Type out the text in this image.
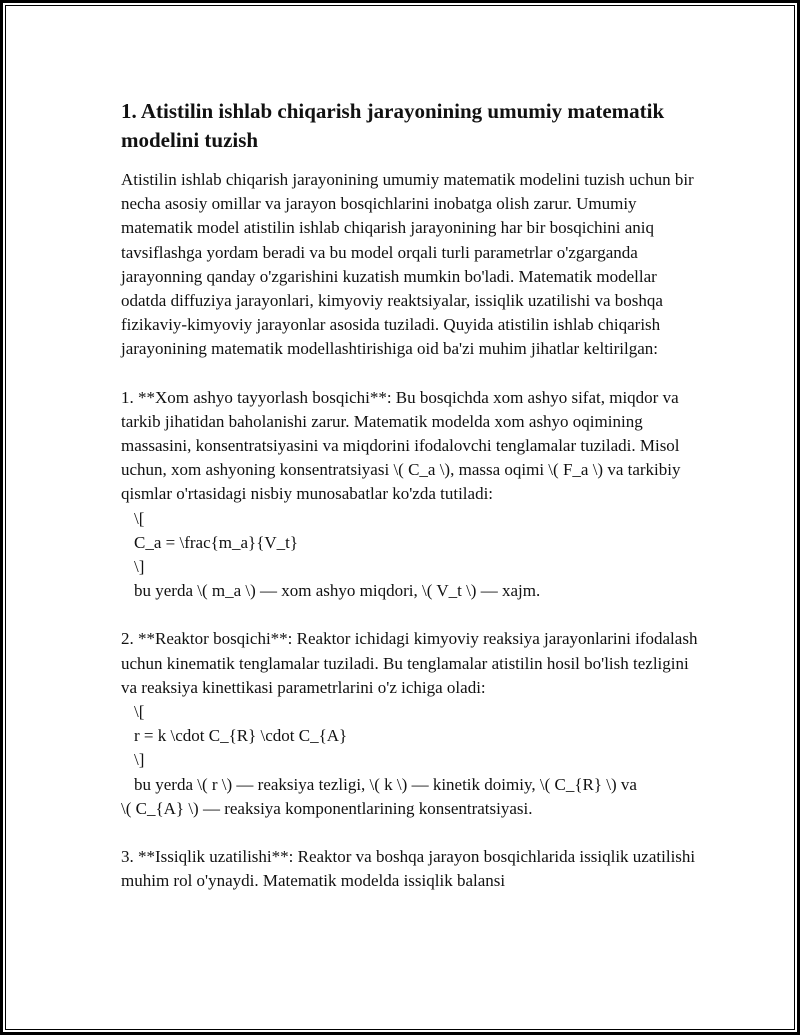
1. Atistilin ishlab chiqarish jarayonining umumiy matematik modelini tuzish

Atistilin ishlab chiqarish jarayonining umumiy matematik modelini tuzish uchun bir necha asosiy omillar va jarayon bosqichlarini inobatga olish zarur. Umumiy matematik model atistilin ishlab chiqarish jarayonining har bir bosqichini aniq tavsiflashga yordam beradi va bu model orqali turli parametrlar o'zgarganda jarayonning qanday o'zgarishini kuzatish mumkin bo'ladi. Matematik modellar odatda diffuziya jarayonlari, kimyoviy reaktsiyalar, issiqlik uzatilishi va boshqa fizikaviy-kimyoviy jarayonlar asosida tuziladi. Quyida atistilin ishlab chiqarish jarayonining matematik modellashtirishiga oid ba'zi muhim jihatlar keltirilgan:

1. **Xom ashyo tayyorlash bosqichi**: Bu bosqichda xom ashyo sifat, miqdor va tarkib jihatidan baholanishi zarur. Matematik modelda xom ashyo oqimining massasini, konsentratsiyasini va miqdorini ifodalovchi tenglamalar tuziladi. Misol uchun, xom ashyoning konsentratsiyasi \( C_a \), massa oqimi \( F_a \) va tarkibiy qismlar o'rtasidagi nisbiy munosabatlar ko'zda tutiladi:
\[
C_a = \frac{m_a}{V_t}
\]
bu yerda \( m_a \) — xom ashyo miqdori, \( V_t \) — xajm.
2. **Reaktor bosqichi**: Reaktor ichidagi kimyoviy reaksiya jarayonlarini ifodalash uchun kinematik tenglamalar tuziladi. Bu tenglamalar atistilin hosil bo'lish tezligini va reaksiya kinettikasi parametrlarini o'z ichiga oladi:
\[
r = k \cdot C_{R} \cdot C_{A}
\]
bu yerda \( r \) — reaksiya tezligi, \( k \) — kinetik doimiy, \( C_{R} \) va
\( C_{A} \) — reaksiya komponentlarining konsentratsiyasi.
3. **Issiqlik uzatilishi**: Reaktor va boshqa jarayon bosqichlarida issiqlik uzatilishi muhim rol o'ynaydi. Matematik modelda issiqlik balansi
